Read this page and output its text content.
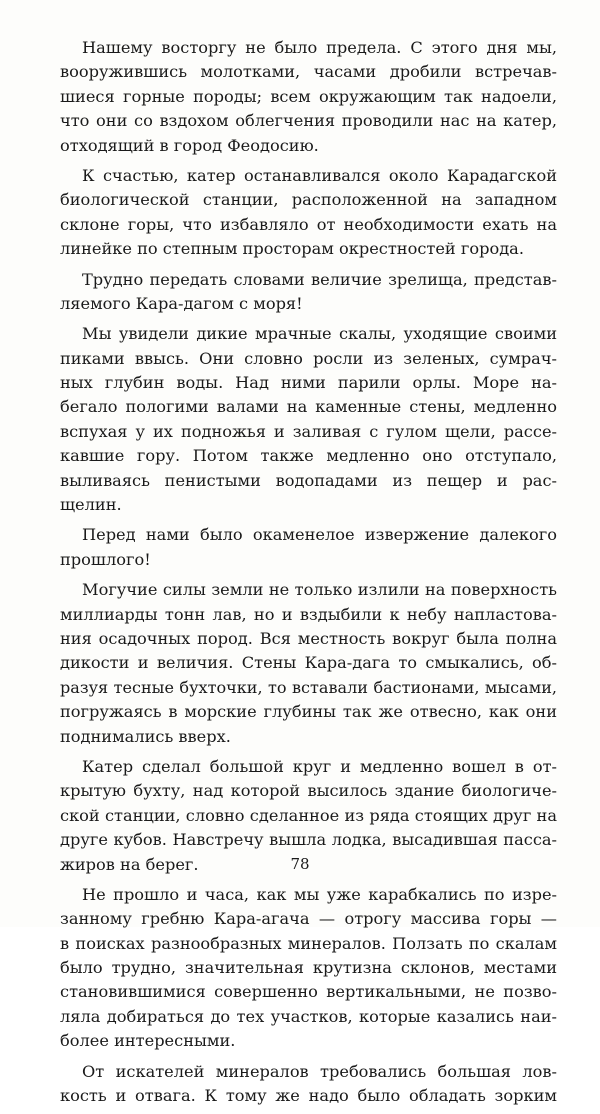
Нашему восторгу не было предела. С этого дня мы,
вооружившись молотками, часами дробили встречав-
шиеся горные породы; всем окружающим так надоели,
что они со вздохом облегчения проводили нас на катер,
отходящий в город Феодосию.
К счастью, катер останавливался около Карадагской
биологической станции, расположенной на западном
склоне горы, что избавляло от необходимости ехать на
линейке по степным просторам окрестностей города.
Трудно передать словами величие зрелища, представ-
ляемого Кара-дагом с моря!
Мы увидели дикие мрачные скалы, уходящие своими
пиками ввысь. Они словно росли из зеленых, сумрач-
ных глубин воды. Над ними парили орлы. Море на-
бегало пологими валами на каменные стены, медленно
вспухая у их подножья и заливая с гулом щели, рассе-
кавшие гору. Потом также медленно оно отступало,
выливаясь пенистыми водопадами из пещер и рас-
щелин.
Перед нами было окаменелое извержение далекого
прошлого!
Могучие силы земли не только излили на поверхность
миллиарды тонн лав, но и вздыбили к небу напластова-
ния осадочных пород. Вся местность вокруг была полна
дикости и величия. Стены Кара-дага то смыкались, об-
разуя тесные бухточки, то вставали бастионами, мысами,
погружаясь в морские глубины так же отвесно, как они
поднимались вверх.
Катер сделал большой круг и медленно вошел в от-
крытую бухту, над которой высилось здание биологиче-
ской станции, словно сделанное из ряда стоящих друг на
друге кубов. Навстречу вышла лодка, высадившая пасса-
жиров на берег.
Не прошло и часа, как мы уже карабкались по изре-
занному гребню Кара-агача — отрогу массива горы —
в поисках разнообразных минералов. Ползать по скалам
было трудно, значительная крутизна склонов, местами
становившимися совершенно вертикальными, не позво-
ляла добираться до тех участков, которые казались наи-
более интересными.
От искателей минералов требовались большая лов-
кость и отвага. К тому же надо было обладать зорким
78
